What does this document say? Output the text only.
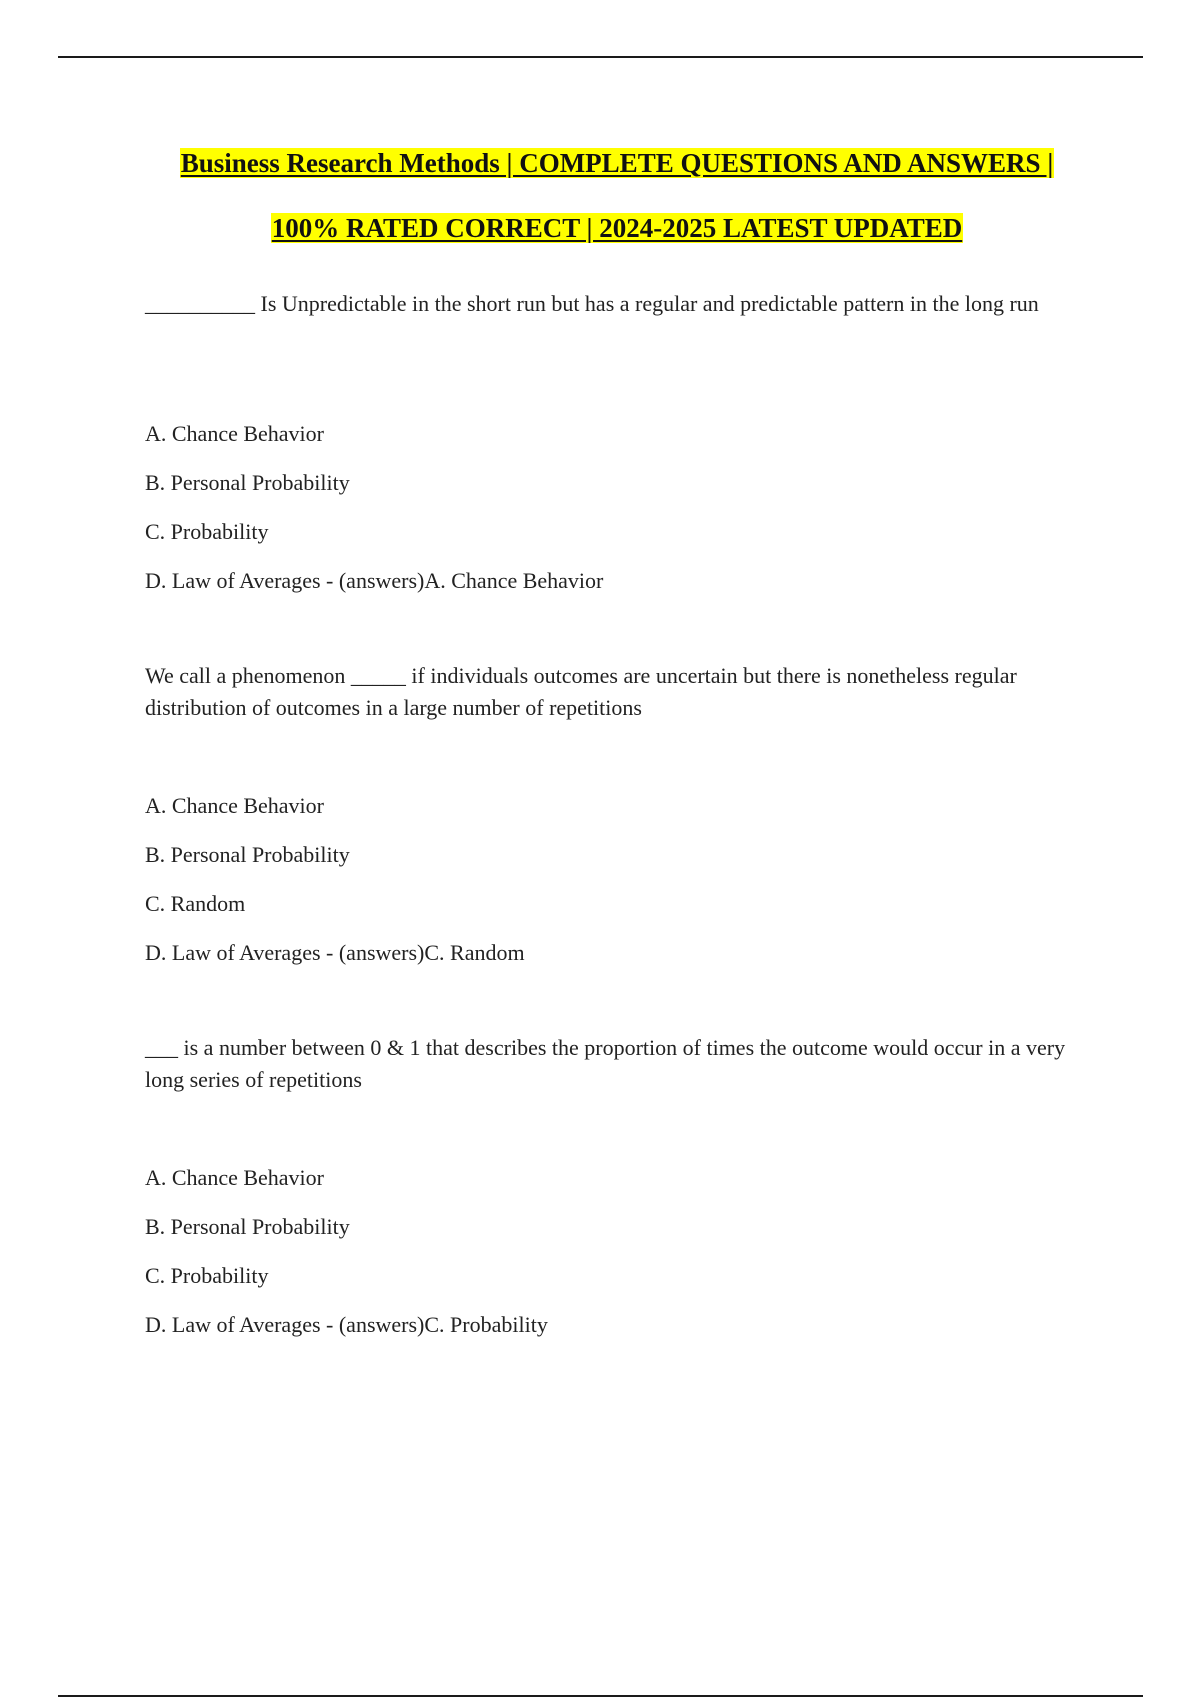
Business Research Methods | COMPLETE QUESTIONS AND ANSWERS |
100% RATED CORRECT | 2024-2025 LATEST UPDATED
__________ Is Unpredictable in the short run but has a regular and predictable pattern in the long run
A. Chance Behavior
B. Personal Probability
C. Probability
D. Law of Averages - (answers)A. Chance Behavior
We call a phenomenon _____ if individuals outcomes are uncertain but there is nonetheless regular distribution of outcomes in a large number of repetitions
A. Chance Behavior
B. Personal Probability
C. Random
D. Law of Averages - (answers)C. Random
___ is a number between 0 & 1 that describes the proportion of times the outcome would occur in a very long series of repetitions
A. Chance Behavior
B. Personal Probability
C. Probability
D. Law of Averages - (answers)C. Probability
